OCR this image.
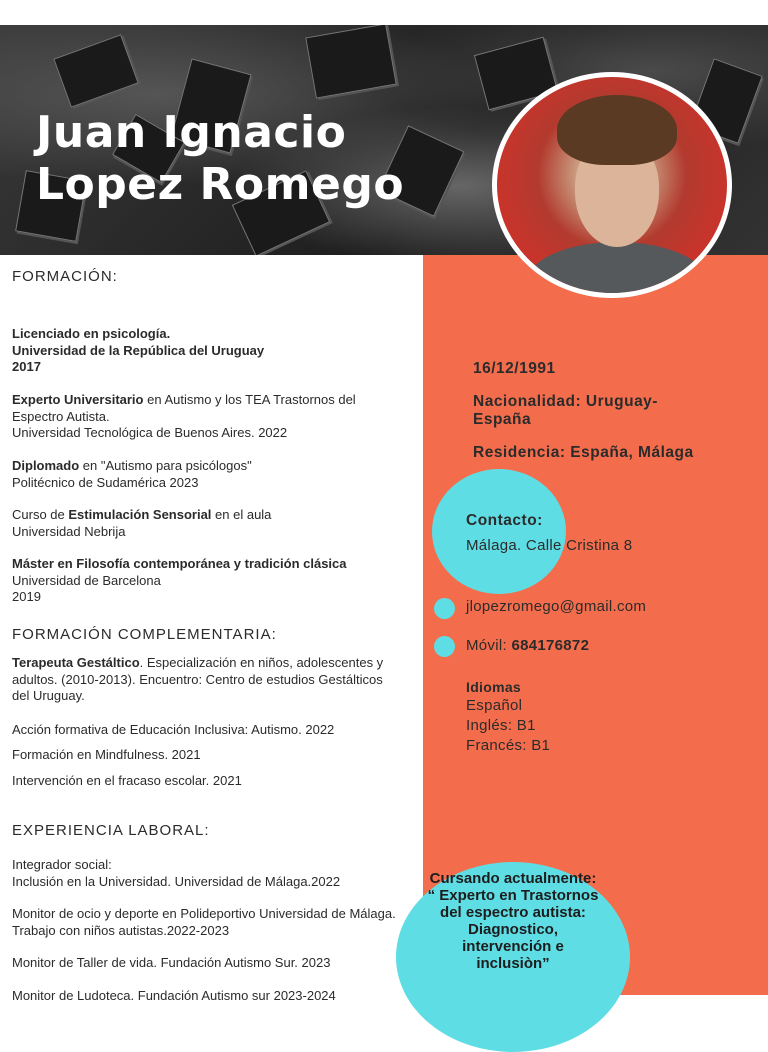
Juan Ignacio
Lopez Romego
FORMACIÓN:

Licenciado en psicología.
Universidad de la República del Uruguay
2017

Experto Universitario en Autismo y los TEA Trastornos del Espectro Autista.
Universidad Tecnológica de Buenos Aires. 2022

Diplomado en "Autismo para psicólogos"
Politécnico de Sudamérica 2023

Curso de Estimulación Sensorial en el aula
Universidad Nebrija

Máster en Filosofía contemporánea y tradición clásica
Universidad de Barcelona
2019

FORMACIÓN COMPLEMENTARIA:

Terapeuta Gestáltico. Especialización en niños, adolescentes y adultos. (2010-2013). Encuentro: Centro de estudios Gestálticos del Uruguay.

Acción formativa de Educación Inclusiva: Autismo. 2022

Formación en Mindfulness. 2021

Intervención en el fracaso escolar. 2021

EXPERIENCIA LABORAL:

Integrador social:
Inclusión en la Universidad. Universidad de Málaga.2022

Monitor de ocio y deporte en Polideportivo Universidad de Málaga. Trabajo con niños autistas.2022-2023

Monitor de Taller de vida. Fundación Autismo Sur. 2023

Monitor de Ludoteca. Fundación Autismo sur 2023-2024

16/12/1991

Nacionalidad: Uruguay-España

Residencia: España, Málaga

Contacto:

Málaga. Calle Cristina 8

jlopezromego@gmail.com

Móvil: 684176872

Idiomas

Español

Inglés: B1

Francés: B1

Cursando actualmente: “ Experto en Trastornos del espectro autista: Diagnostico, intervención e inclusiòn”
